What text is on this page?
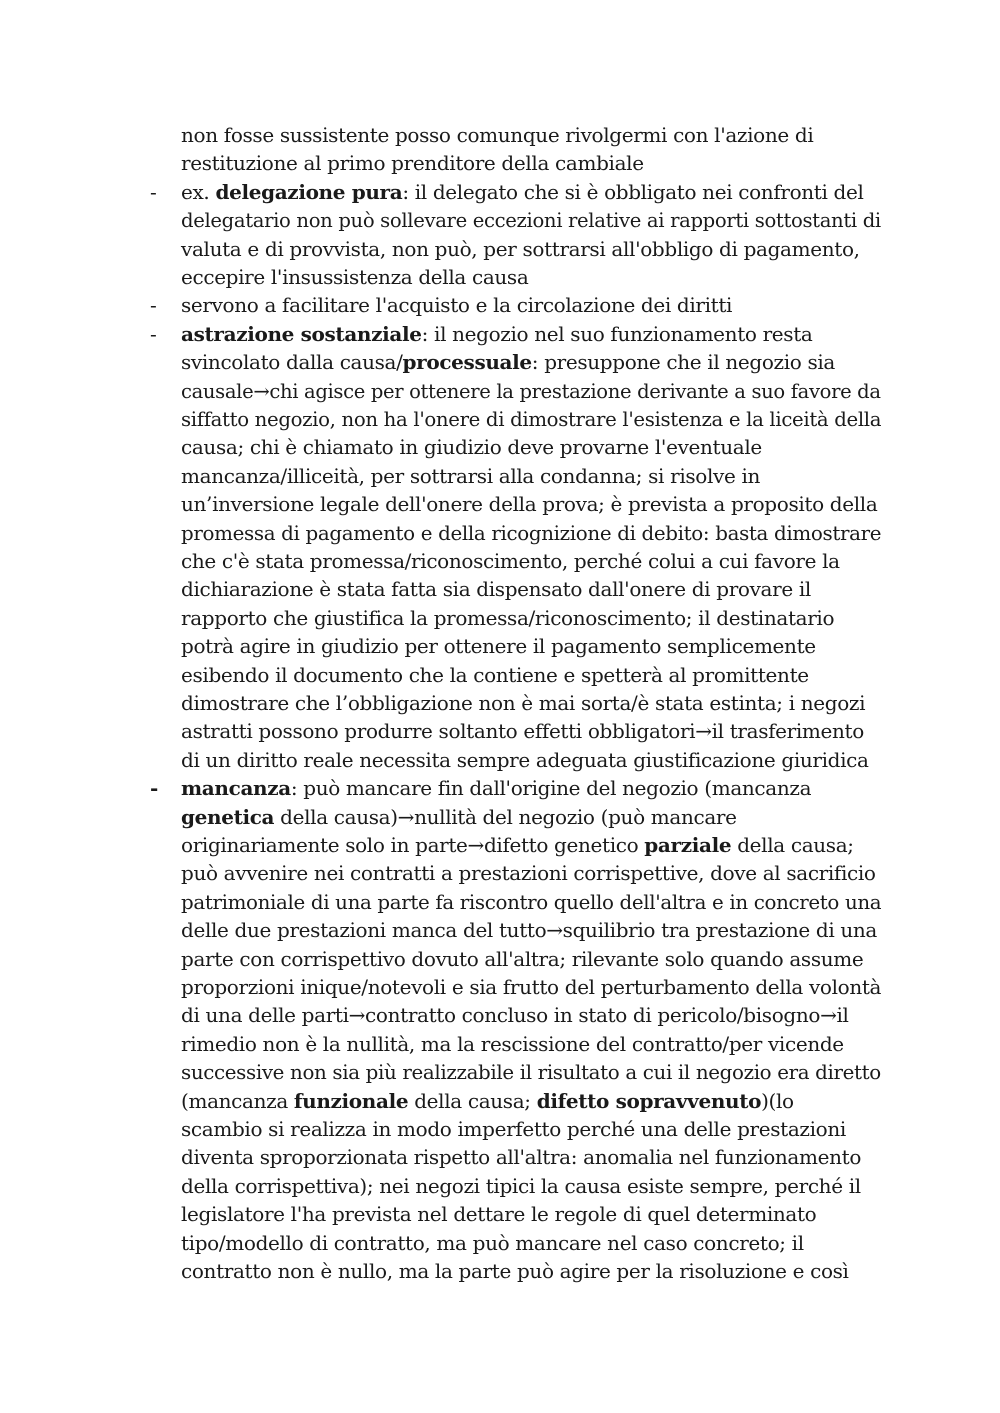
non fosse sussistente posso comunque rivolgermi con l'azione di
restituzione al primo prenditore della cambiale
-	ex. delegazione pura: il delegato che si è obbligato nei confronti del
delegatario non può sollevare eccezioni relative ai rapporti sottostanti di
valuta e di provvista, non può, per sottrarsi all'obbligo di pagamento,
eccepire l'insussistenza della causa
-	servono a facilitare l'acquisto e la circolazione dei diritti
-	astrazione sostanziale: il negozio nel suo funzionamento resta
svincolato dalla causa/processuale: presuppone che il negozio sia
causale→chi agisce per ottenere la prestazione derivante a suo favore da
siffatto negozio, non ha l'onere di dimostrare l'esistenza e la liceità della
causa; chi è chiamato in giudizio deve provarne l'eventuale
mancanza/illiceità, per sottrarsi alla condanna; si risolve in
un’inversione legale dell'onere della prova; è prevista a proposito della
promessa di pagamento e della ricognizione di debito: basta dimostrare
che c'è stata promessa/riconoscimento, perché colui a cui favore la
dichiarazione è stata fatta sia dispensato dall'onere di provare il
rapporto che giustifica la promessa/riconoscimento; il destinatario
potrà agire in giudizio per ottenere il pagamento semplicemente
esibendo il documento che la contiene e spetterà al promittente
dimostrare che l’obbligazione non è mai sorta/è stata estinta; i negozi
astratti possono produrre soltanto effetti obbligatori→il trasferimento
di un diritto reale necessita sempre adeguata giustificazione giuridica
-	mancanza: può mancare fin dall'origine del negozio (mancanza
genetica della causa)→nullità del negozio (può mancare
originariamente solo in parte→difetto genetico parziale della causa;
può avvenire nei contratti a prestazioni corrispettive, dove al sacrificio
patrimoniale di una parte fa riscontro quello dell'altra e in concreto una
delle due prestazioni manca del tutto→squilibrio tra prestazione di una
parte con corrispettivo dovuto all'altra; rilevante solo quando assume
proporzioni inique/notevoli e sia frutto del perturbamento della volontà
di una delle parti→contratto concluso in stato di pericolo/bisogno→il
rimedio non è la nullità, ma la rescissione del contratto/per vicende
successive non sia più realizzabile il risultato a cui il negozio era diretto
(mancanza funzionale della causa; difetto sopravvenuto)(lo
scambio si realizza in modo imperfetto perché una delle prestazioni
diventa sproporzionata rispetto all'altra: anomalia nel funzionamento
della corrispettiva); nei negozi tipici la causa esiste sempre, perché il
legislatore l'ha prevista nel dettare le regole di quel determinato
tipo/modello di contratto, ma può mancare nel caso concreto; il
contratto non è nullo, ma la parte può agire per la risoluzione e così
